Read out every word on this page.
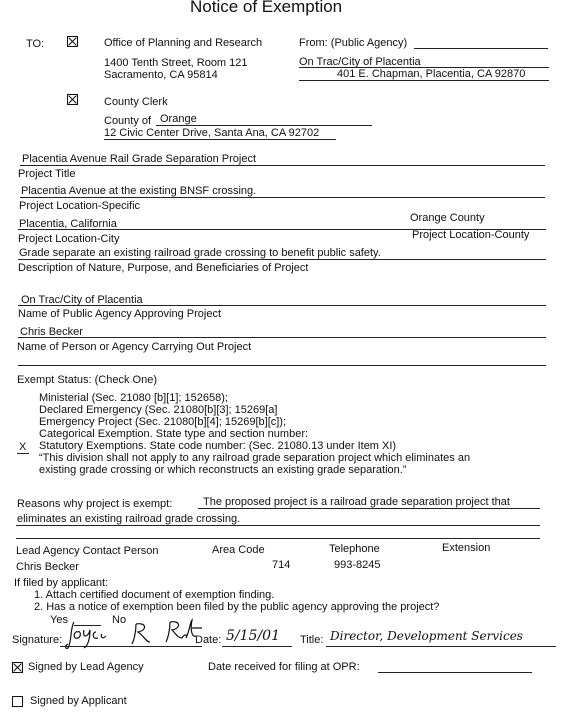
Notice of Exemption
TO:	Office of Planning and Research
1400 Tenth Street, Room 121
Sacramento, CA 95814
County Clerk
County of Orange
12 Civic Center Drive, Santa Ana, CA 92702
From: (Public Agency)
On Trac/City of Placentia
401 E. Chapman, Placentia, CA 92870
Placentia Avenue Rail Grade Separation Project
Project Title
Placentia Avenue at the existing BNSF crossing.
Project Location-Specific
Placentia, California	Orange County
Project Location-City	Project Location-County
Grade separate an existing railroad grade crossing to benefit public safety.
Description of Nature, Purpose, and Beneficiaries of Project
On Trac/City of Placentia
Name of Public Agency Approving Project
Chris Becker
Name of Person or Agency Carrying Out Project
Exempt Status: (Check One)
Ministerial (Sec. 21080 [b][1]; 152658);
Declared Emergency (Sec. 21080[b][3]; 15269[a]
Emergency Project (Sec. 21080[b][4]; 15269[b][c]);
Categorical Exemption. State type and section number:
X Statutory Exemptions. State code number: (Sec. 21080.13 under Item XI)
“This division shall not apply to any railroad grade separation project which eliminates an
existing grade crossing or which reconstructs an existing grade separation.”
Reasons why project is exempt:	The proposed project is a railroad grade separation project that
eliminates an existing railroad grade crossing.
Lead Agency Contact Person	Area Code	Telephone	Extension
Chris Becker	714	993-8245
If filed by applicant:
1. Attach certified document of exemption finding.
2. Has a notice of exemption been filed by the public agency approving the project?
Yes	No
Signature:	Date: 5/15/01 Title: Director, Development Services
Signed by Lead Agency	Date received for filing at OPR:
Signed by Applicant
